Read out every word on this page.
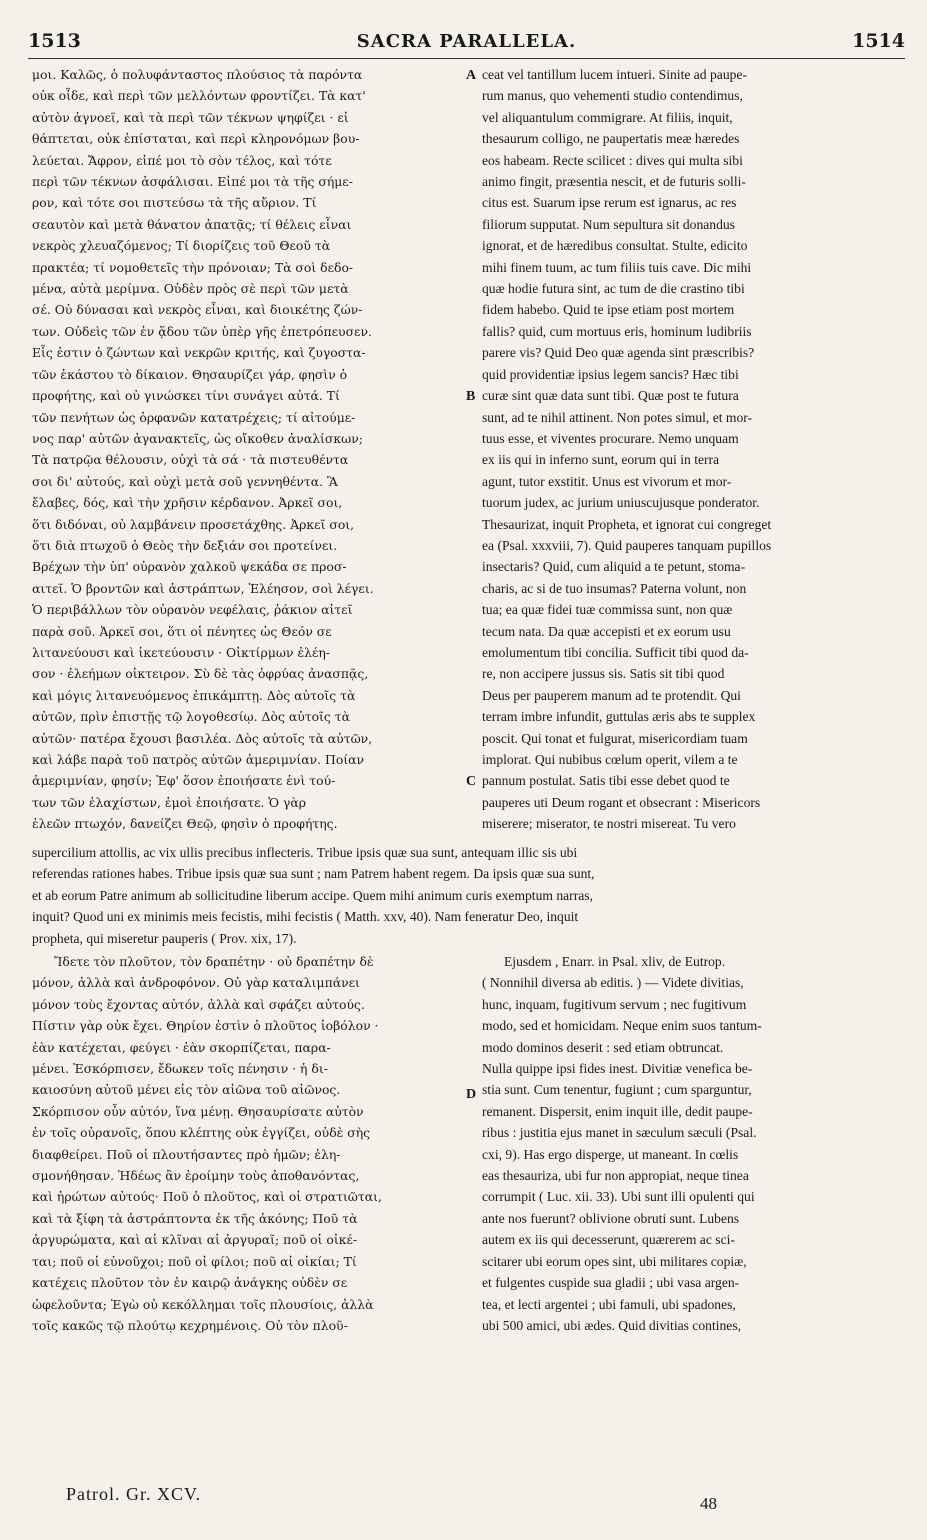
1513	SACRA PARALLELA.	1514
μοι. Καλῶς, ὁ πολυφάνταστος πλούσιος τὰ παρόντα
οὐκ οἶδε, καὶ περὶ τῶν μελλόντων φροντίζει. Τὰ κατ'
αὐτὸν ἀγνοεῖ, καὶ τὰ περὶ τῶν τέκνων ψηφίζει · εἰ
θάπτεται, οὐκ ἐπίσταται, καὶ περὶ κληρονόμων βου-
λεύεται. Ἄφρον, εἰπέ μοι τὸ σὸν τέλος, καὶ τότε
περὶ τῶν τέκνων ἀσφάλισαι. Εἰπέ μοι τὰ τῆς σήμε-
ρον, καὶ τότε σοι πιστεύσω τὰ τῆς αὔριον. Τί
σεαυτὸν καὶ μετὰ θάνατον ἀπατᾷς; τί θέλεις εἶναι
νεκρὸς χλευαζόμενος; Τί διορίζεις τοῦ Θεοῦ τὰ
πρακτέα; τί νομοθετεῖς τὴν πρόνοιαν; Τὰ σοὶ δεδο-
μένα, αὐτὰ μερίμνα. Οὐδὲν πρὸς σὲ περὶ τῶν μετὰ
σέ. Οὐ δύνασαι καὶ νεκρὸς εἶναι, καὶ διοικέτης ζών-
των. Οὐδεὶς τῶν ἐν ᾅδου τῶν ὑπὲρ γῆς ἐπετρόπευσεν.
Εἷς ἐστιν ὁ ζώντων καὶ νεκρῶν κριτής, καὶ ζυγοστα-
τῶν ἑκάστου τὸ δίκαιον. Θησαυρίζει γάρ, φησὶν ὁ
προφήτης, καὶ οὐ γινώσκει τίνι συνάγει αὐτά. Τί
τῶν πενήτων ὡς ὀρφανῶν κατατρέχεις; τί αἰτούμε-
νος παρ' αὐτῶν ἀγανακτεῖς, ὡς οἴκοθεν ἀναλίσκων;
Τὰ πατρῷα θέλουσιν, οὐχὶ τὰ σά · τὰ πιστευθέντα
σοι δι' αὐτούς, καὶ οὐχὶ μετὰ σοῦ γεννηθέντα. Ἃ
ἔλαβες, δός, καὶ τὴν χρῆσιν κέρδανον. Ἀρκεῖ σοι,
ὅτι διδόναι, οὐ λαμβάνειν προσετάχθης. Ἀρκεῖ σοι,
ὅτι διὰ πτωχοῦ ὁ Θεὸς τὴν δεξιάν σοι προτείνει.
Βρέχων τὴν ὑπ' οὐρανὸν χαλκοῦ ψεκάδα σε προσ-
αιτεῖ. Ὁ βροντῶν καὶ ἀστράπτων, Ἐλέησον, σοὶ λέγει.
Ὁ περιβάλλων τὸν οὐρανὸν νεφέλαις, ῥάκιον αἰτεῖ
παρὰ σοῦ. Ἀρκεῖ σοι, ὅτι οἱ πένητες ὡς Θεόν σε
λιτανεύουσι καὶ ἱκετεύουσιν · Οἰκτίρμων ἐλέη-
σον · ἐλεήμων οἰκτειρον. Σὺ δὲ τὰς ὀφρύας ἀνασπᾷς,
καὶ μόγις λιτανευόμενος ἐπικάμπτῃ. Δὸς αὐτοῖς τὰ
αὐτῶν, πρὶν ἐπιστῇς τῷ λογοθεσίῳ. Δὸς αὐτοῖς τὰ
αὐτῶν· πατέρα ἔχουσι βασιλέα. Δὸς αὐτοῖς τὰ αὐτῶν,
καὶ λάβε παρὰ τοῦ πατρὸς αὐτῶν ἀμεριμνίαν. Ποίαν
ἀμεριμνίαν, φησίν; Ἐφ' ὅσον ἐποιήσατε ἑνὶ τού-
των τῶν ἐλαχίστων, ἐμοὶ ἐποιήσατε. Ὁ γὰρ
ἐλεῶν πτωχόν, δανείζει Θεῷ, φησὶν ὁ προφήτης.
ceat vel tantillum lucem intueri. Sinite ad paupe-
rum manus, quo vehementi studio contendimus,
vel aliquantulum commigrare. At filiis, inquit,
thesaurum colligo, ne paupertatis meæ hæredes
eos habeam. Recte scilicet : dives qui multa sibi
animo fingit, præsentia nescit, et de futuris solli-
citus est. Suarum ipse rerum est ignarus, ac res
filiorum supputat. Num sepultura sit donandus
ignorat, et de hæredibus consultat. Stulte, edicito
mihi finem tuum, ac tum filiis tuis cave. Dic mihi
quæ hodie futura sint, ac tum de die crastino tibi
fidem habebo. Quid te ipse etiam post mortem
fallis? quid, cum mortuus eris, hominum ludibriis
parere vis? Quid Deo quæ agenda sint præscribis?
quid providentiæ ipsius legem sancis? Hæc tibi
curæ sint quæ data sunt tibi. Quæ post te futura
sunt, ad te nihil attinent. Non potes simul, et mor-
tuus esse, et viventes procurare. Nemo unquam
ex iis qui in inferno sunt, eorum qui in terra
agunt, tutor exstitit. Unus est vivorum et mor-
tuorum judex, ac jurium uniuscujusque ponderator.
Thesaurizat, inquit Propheta, et ignorat cui congreget
ea (Psal. xxxviii, 7). Quid pauperes tanquam pupillos
insectaris? Quid, cum aliquid a te petunt, stoma-
charis, ac si de tuo insumas? Paterna volunt, non
tua; ea quæ fidei tuæ commissa sunt, non quæ
tecum nata. Da quæ accepisti et ex eorum usu
emolumentum tibi concilia. Sufficit tibi quod da-
re, non accipere jussus sis. Satis sit tibi quod
Deus per pauperem manum ad te protendit. Qui
terram imbre infundit, guttulas æris abs te supplex
poscit. Qui tonat et fulgurat, misericordiam tuam
implorat. Qui nubibus cœlum operit, vilem a te
pannum postulat. Satis tibi esse debet quod te
pauperes uti Deum rogant et obsecrant : Misericors
miserere; miserator, te nostri misereat. Tu vero
supercilium attollis, ac vix ullis precibus inflecteris. Tribue ipsis quæ sua sunt, antequam illic sis ubi
referendas rationes habes. Tribue ipsis quæ sua sunt ; nam Patrem habent regem. Da ipsis quæ sua sunt,
et ab eorum Patre animum ab sollicitudine liberum accipe. Quem mihi animum curis exemptum narras,
inquit? Quod uni ex minimis meis fecistis, mihi fecistis ( Matth. xxv, 40). Nam feneratur Deo, inquit
propheta, qui miseretur pauperis ( Prov. xix, 17).
Ἴδετε τὸν πλοῦτον, τὸν δραπέτην · οὐ δραπέτην δὲ
μόνον, ἀλλὰ καὶ ἀνδροφόνον. Οὐ γὰρ καταλιμπάνει
μόνον τοὺς ἔχοντας αὐτόν, ἀλλὰ καὶ σφάζει αὐτούς.
Πίστιν γὰρ οὐκ ἔχει. Θηρίον ἐστὶν ὁ πλοῦτος ἰοβόλον ·
ἐὰν κατέχεται, φεύγει · ἐὰν σκορπίζεται, παρα-
μένει. Ἐσκόρπισεν, ἔδωκεν τοῖς πένησιν · ἡ δι-
καιοσύνη αὐτοῦ μένει εἰς τὸν αἰῶνα τοῦ αἰῶνος.
Σκόρπισον οὖν αὐτόν, ἵνα μένῃ. Θησαυρίσατε αὐτὸν
ἐν τοῖς οὐρανοῖς, ὅπου κλέπτης οὐκ ἐγγίζει, οὐδὲ σὴς
διαφθείρει. Ποῦ οἱ πλουτήσαντες πρὸ ἡμῶν; ἐλη-
σμονήθησαν. Ἡδέως ἂν ἐροίμην τοὺς ἀποθανόντας,
καὶ ἠρώτων αὐτούς· Ποῦ ὁ πλοῦτος, καὶ οἱ στρατιῶται,
καὶ τὰ ξίφη τὰ ἀστράπτοντα ἐκ τῆς ἀκόνης; Ποῦ τὰ
ἀργυρώματα, καὶ αἱ κλῖναι αἱ ἀργυραῖ; ποῦ οἱ οἰκέ-
ται; ποῦ οἱ εὐνοῦχοι; ποῦ οἱ φίλοι; ποῦ αἱ οἰκίαι; Τί
κατέχεις πλοῦτον τὸν ἐν καιρῷ ἀνάγκης οὐδὲν σε
ὠφελοῦντα; Ἐγὼ οὐ κεκόλλημαι τοῖς πλουσίοις, ἀλλὰ
τοῖς κακῶς τῷ πλούτῳ κεχρημένοις. Οὐ τὸν πλοῦ-
Ejusdem , Enarr. in Psal. xliv, de Eutrop.
( Nonnihil diversa ab editis. ) — Videte divitias,
hunc, inquam, fugitivum servum ; nec fugitivum
modo, sed et homicidam. Neque enim suos tantum-
modo dominos deserit : sed etiam obtruncat.
Nulla quippe ipsi fides inest. Divitiæ venefica be-
stia sunt. Cum tenentur, fugiunt ; cum sparguntur,
remanent. Dispersit, enim inquit ille, dedit paupe-
ribus : justitia ejus manet in sæculum sæculi (Psal.
cxi, 9). Has ergo disperge, ut maneant. In cœlis
eas thesauriza, ubi fur non appropiat, neque tinea
corrumpit ( Luc. xii. 33). Ubi sunt illi opulenti qui
ante nos fuerunt? oblivione obruti sunt. Lubens
autem ex iis qui decesserunt, quærerem ac sci-
scitarer ubi eorum opes sint, ubi militares copiæ,
et fulgentes cuspide sua gladii ; ubi vasa argen-
tea, et lecti argentei ; ubi famuli, ubi spadones,
ubi 500 amici, ubi ædes. Quid divitias contines,
A
B
C
D
Patrol. Gr. XCV.	48
